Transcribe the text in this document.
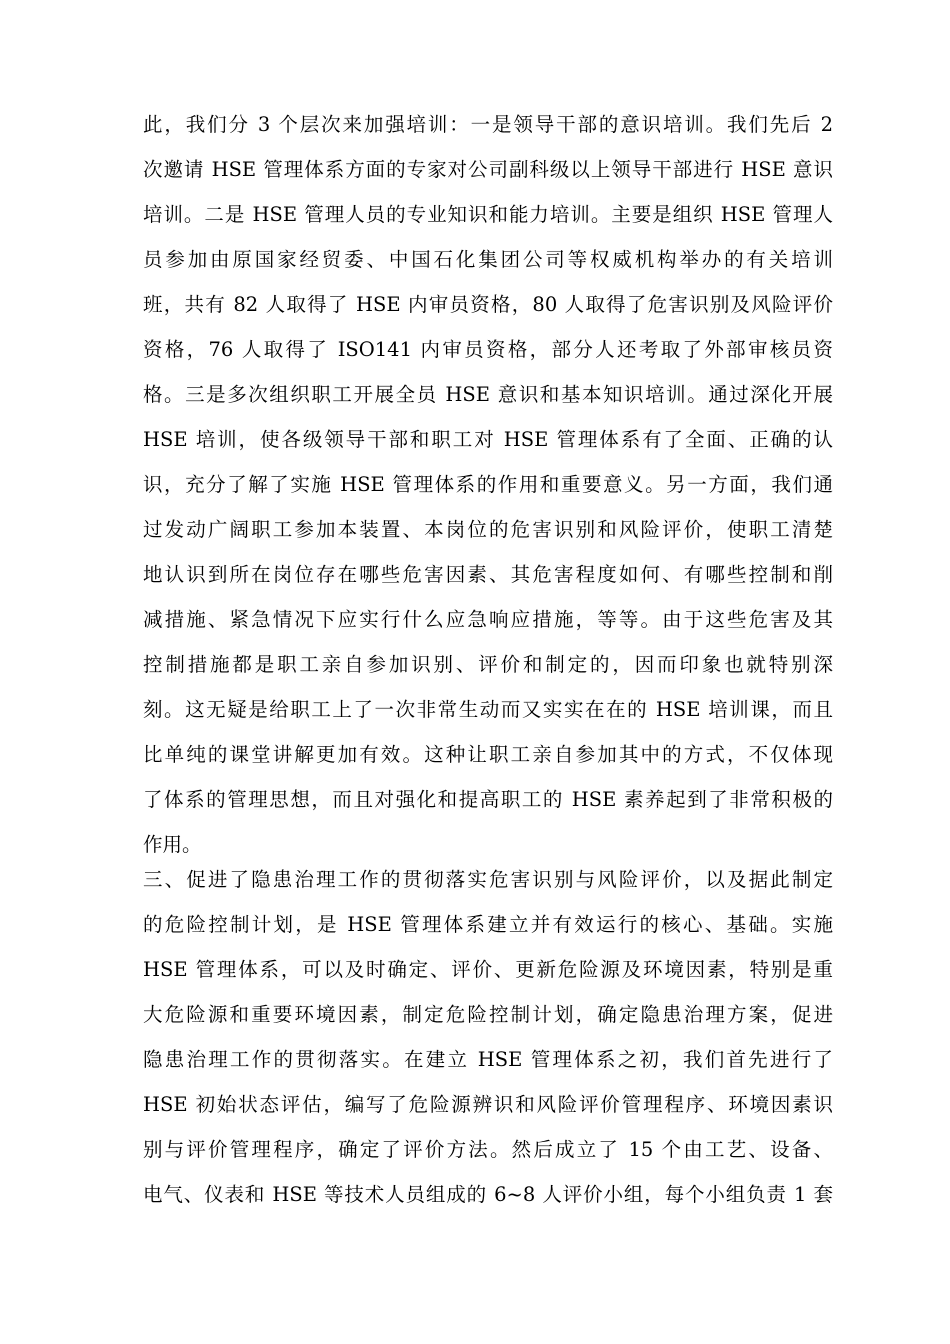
此，我们分 3 个层次来加强培训：一是领导干部的意识培训。我们先后 2
次邀请 HSE 管理体系方面的专家对公司副科级以上领导干部进行 HSE 意识
培训。二是 HSE 管理人员的专业知识和能力培训。主要是组织 HSE 管理人
员参加由原国家经贸委、中国石化集团公司等权威机构举办的有关培训
班，共有 82 人取得了 HSE 内审员资格，80 人取得了危害识别及风险评价
资格，76 人取得了 ISO141 内审员资格，部分人还考取了外部审核员资
格。三是多次组织职工开展全员 HSE 意识和基本知识培训。通过深化开展
HSE 培训，使各级领导干部和职工对 HSE 管理体系有了全面、正确的认
识，充分了解了实施 HSE 管理体系的作用和重要意义。另一方面，我们通
过发动广阔职工参加本装置、本岗位的危害识别和风险评价，使职工清楚
地认识到所在岗位存在哪些危害因素、其危害程度如何、有哪些控制和削
减措施、紧急情况下应实行什么应急响应措施，等等。由于这些危害及其
控制措施都是职工亲自参加识别、评价和制定的，因而印象也就特别深
刻。这无疑是给职工上了一次非常生动而又实实在在的 HSE 培训课，而且
比单纯的课堂讲解更加有效。这种让职工亲自参加其中的方式，不仅体现
了体系的管理思想，而且对强化和提高职工的 HSE 素养起到了非常积极的
作用。
三、促进了隐患治理工作的贯彻落实危害识别与风险评价，以及据此制定
的危险控制计划，是 HSE 管理体系建立并有效运行的核心、基础。实施
HSE 管理体系，可以及时确定、评价、更新危险源及环境因素，特别是重
大危险源和重要环境因素，制定危险控制计划，确定隐患治理方案，促进
隐患治理工作的贯彻落实。在建立 HSE 管理体系之初，我们首先进行了
HSE 初始状态评估，编写了危险源辨识和风险评价管理程序、环境因素识
别与评价管理程序，确定了评价方法。然后成立了 15 个由工艺、设备、
电气、仪表和 HSE 等技术人员组成的 6~8 人评价小组，每个小组负责 1 套
